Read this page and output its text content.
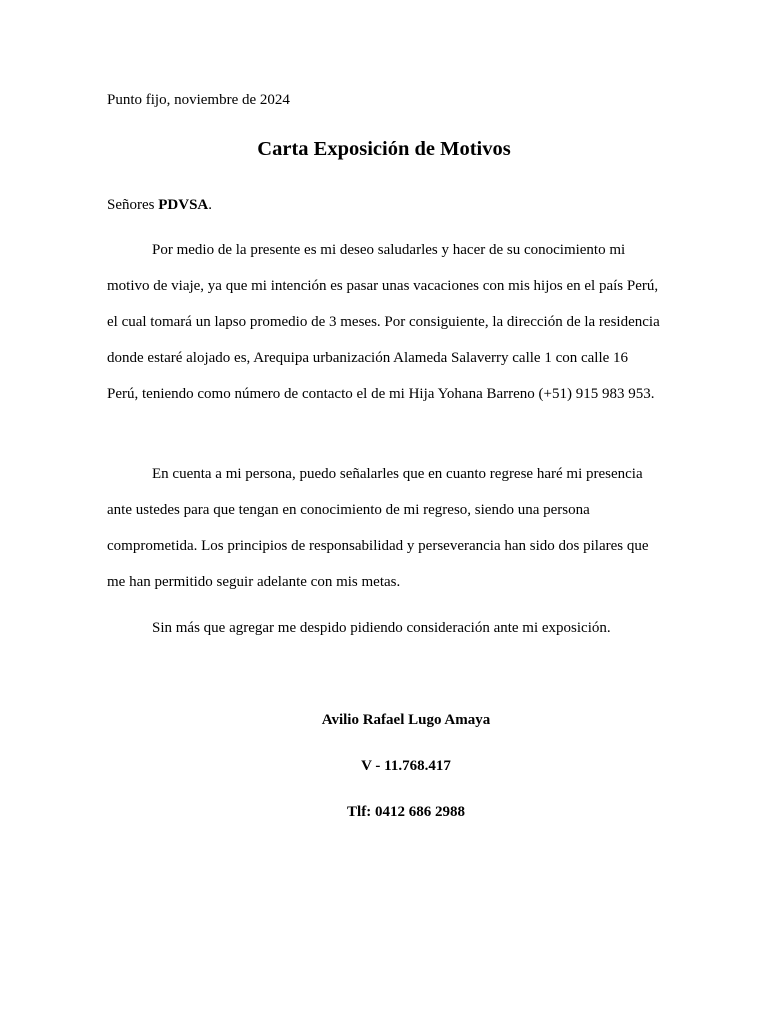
Punto fijo, noviembre de 2024
Carta Exposición de Motivos
Señores PDVSA.

Por medio de la presente es mi deseo saludarles y hacer de su conocimiento mi motivo de viaje, ya que mi intención es pasar unas vacaciones con mis hijos en el país Perú, el cual tomará un lapso promedio de 3 meses. Por consiguiente, la dirección de la residencia donde estaré alojado es, Arequipa urbanización Alameda Salaverry calle 1 con calle 16 Perú, teniendo como número de contacto el de mi Hija Yohana Barreno (+51) 915 983 953.

En cuenta a mi persona, puedo señalarles que en cuanto regrese haré mi presencia ante ustedes para que tengan en conocimiento de mi regreso, siendo una persona comprometida. Los principios de responsabilidad y perseverancia han sido dos pilares que me han permitido seguir adelante con mis metas.

Sin más que agregar me despido pidiendo consideración ante mi exposición.

Avilio Rafael Lugo Amaya
V - 11.768.417
Tlf: 0412 686 2988
